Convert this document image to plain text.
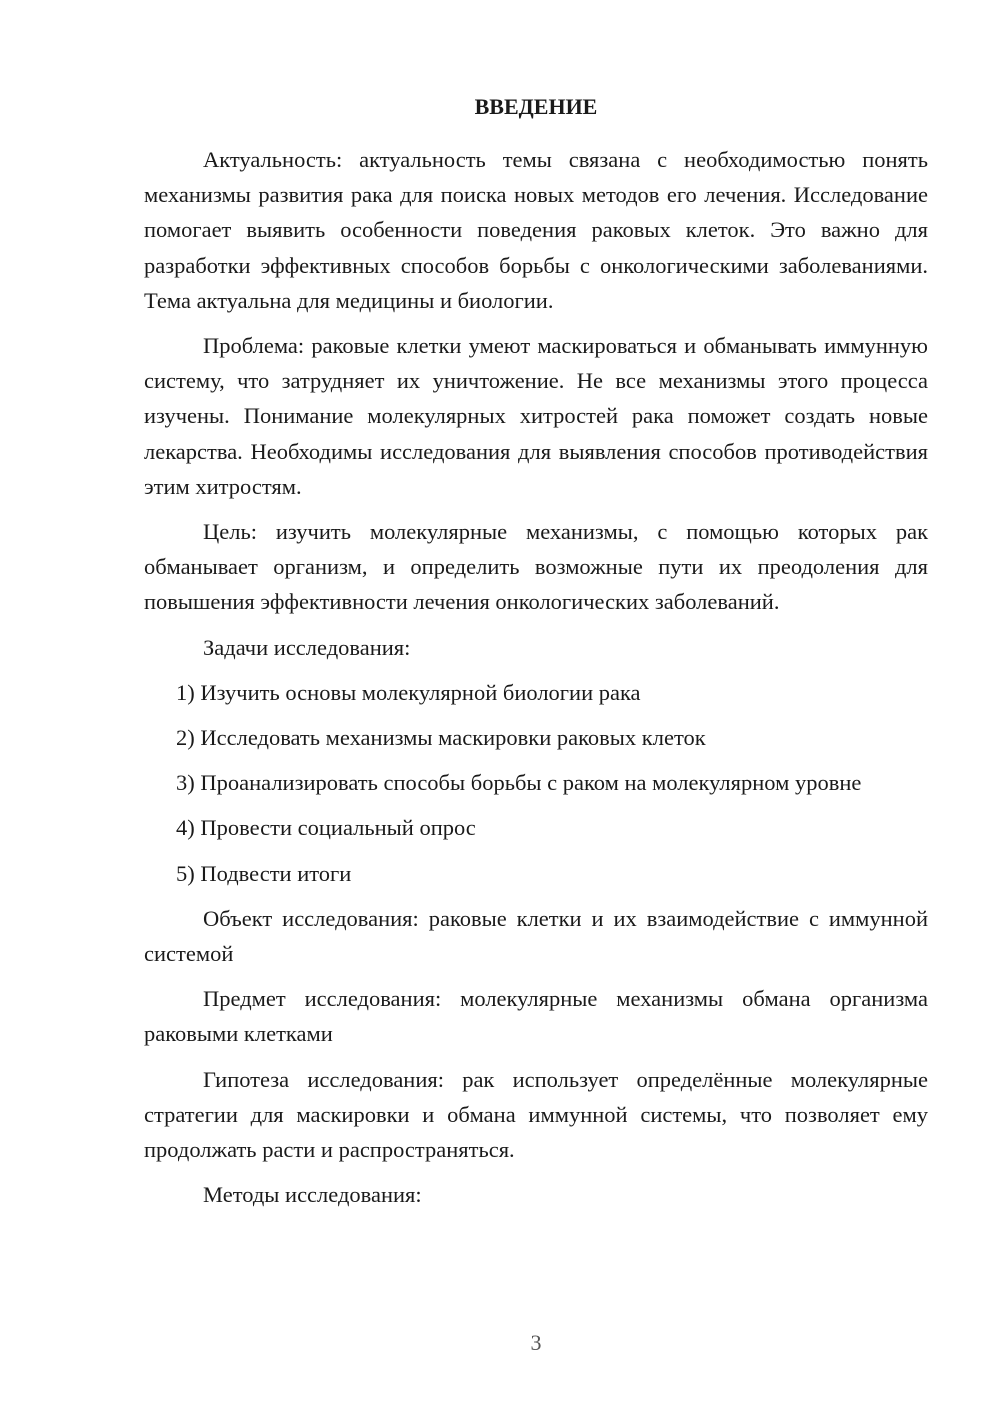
ВВЕДЕНИЕ

Актуальность: актуальность темы связана с необходимостью понять механизмы развития рака для поиска новых методов его лечения. Исследование помогает выявить особенности поведения раковых клеток. Это важно для разработки эффективных способов борьбы с онкологическими заболеваниями. Тема актуальна для медицины и биологии.

Проблема: раковые клетки умеют маскироваться и обманывать иммунную систему, что затрудняет их уничтожение. Не все механизмы этого процесса изучены. Понимание молекулярных хитростей рака поможет создать новые лекарства. Необходимы исследования для выявления способов противодействия этим хитростям.

Цель: изучить молекулярные механизмы, с помощью которых рак обманывает организм, и определить возможные пути их преодоления для повышения эффективности лечения онкологических заболеваний.

Задачи исследования:

1) Изучить основы молекулярной биологии рака

2) Исследовать механизмы маскировки раковых клеток

3) Проанализировать способы борьбы с раком на молекулярном уровне

4) Провести социальный опрос

5) Подвести итоги

Объект исследования: раковые клетки и их взаимодействие с иммунной системой

Предмет исследования: молекулярные механизмы обмана организма раковыми клетками

Гипотеза исследования: рак использует определённые молекулярные стратегии для маскировки и обмана иммунной системы, что позволяет ему продолжать расти и распространяться.

Методы исследования:

3
